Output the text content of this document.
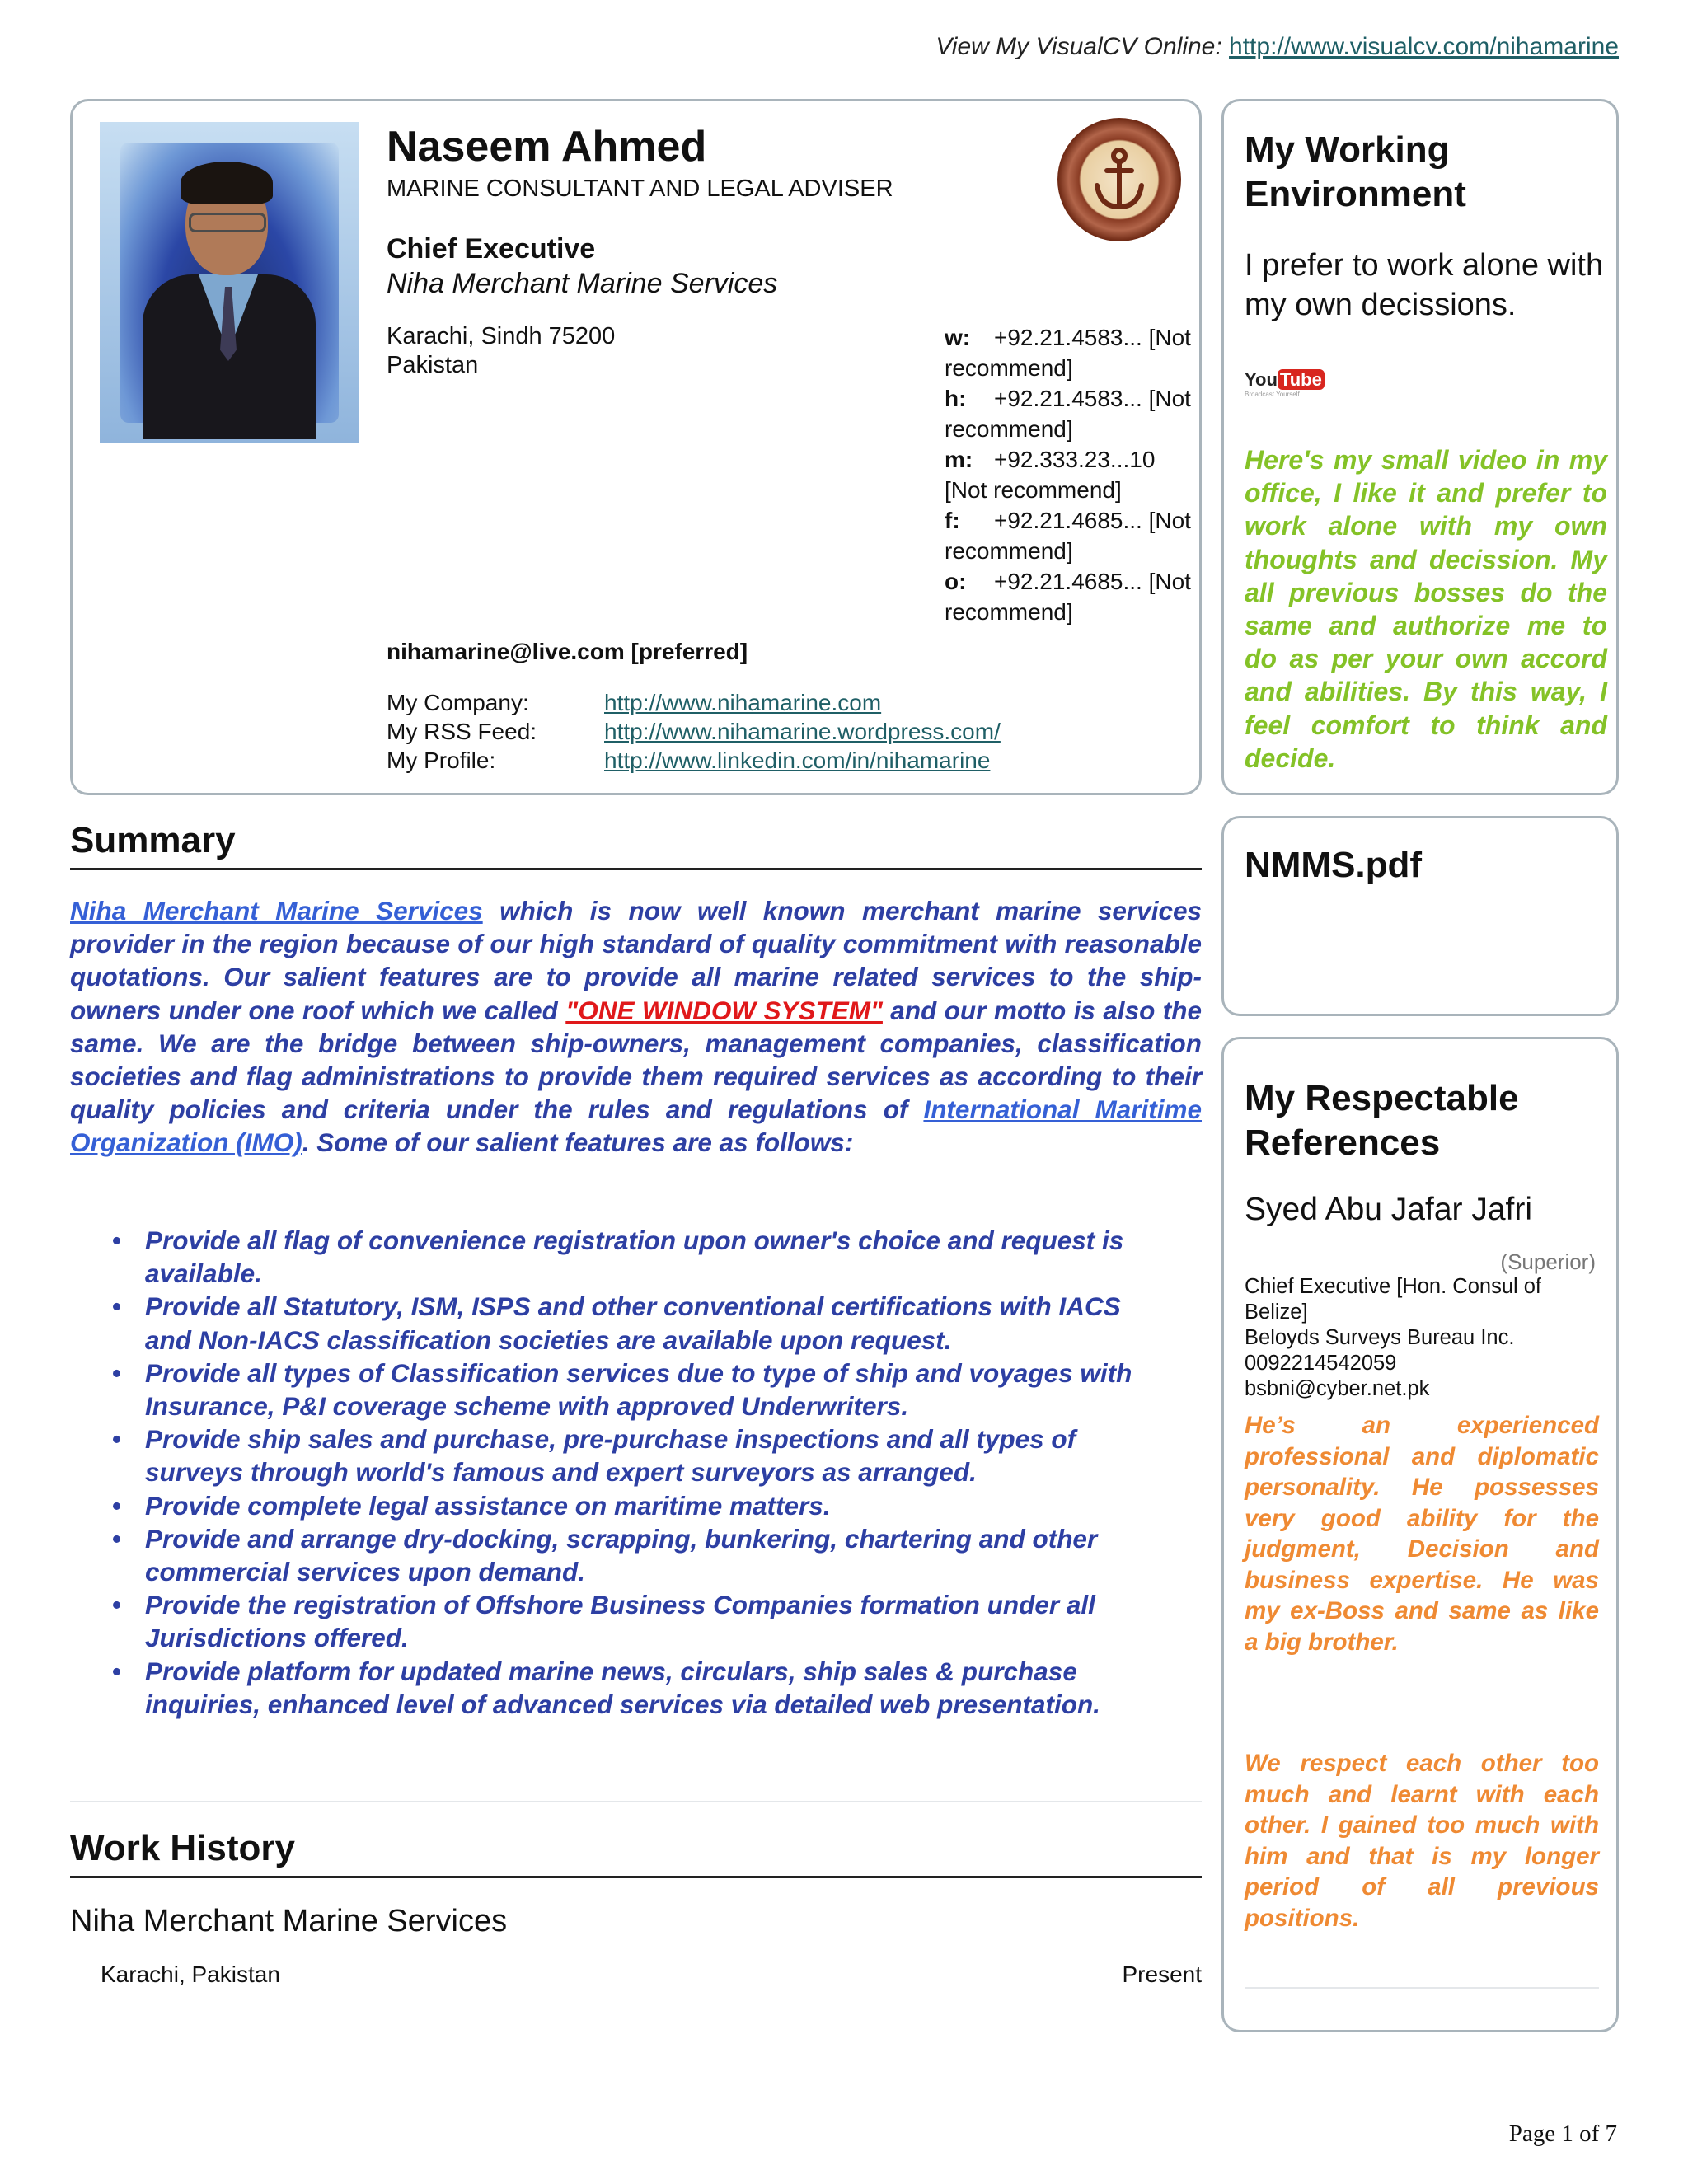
View My VisualCV Online: http://www.visualcv.com/nihamarine
Naseem Ahmed
MARINE CONSULTANT AND LEGAL ADVISER
Chief Executive
Niha Merchant Marine Services
Karachi, Sindh 75200
Pakistan
w: +92.21.4583... [Not recommend]
h: +92.21.4583... [Not recommend]
m: +92.333.23...10 [Not recommend]
f: +92.21.4685... [Not recommend]
o: +92.21.4685... [Not recommend]
nihamarine@live.com [preferred]
My Company:	http://www.nihamarine.com
My RSS Feed:	http://www.nihamarine.wordpress.com/
My Profile:	http://www.linkedin.com/in/nihamarine
My Working Environment
I prefer to work alone with my own decissions.
You Tube
Broadcast Yourself
Here's my small video in my office, I like it and prefer to work alone with my own thoughts and decission. My all previous bosses do the same and authorize me to do as per your own accord and abilities. By this way, I feel comfort to think and decide.
NMMS.pdf
My Respectable References
Syed Abu Jafar Jafri
(Superior)
Chief Executive [Hon. Consul of Belize]
Beloyds Surveys Bureau Inc.
0092214542059
bsbni@cyber.net.pk
He’s an experienced professional and diplomatic personality. He possesses very good ability for the judgment, Decision and business expertise. He was my ex-Boss and same as like a big brother.
We respect each other too much and learnt with each other. I gained too much with him and that is my longer period of all previous positions.
Summary
Niha Merchant Marine Services which is now well known merchant marine services provider in the region because of our high standard of quality commitment with reasonable quotations. Our salient features are to provide all marine related services to the ship-owners under one roof which we called "ONE WINDOW SYSTEM" and our motto is also the same. We are the bridge between ship-owners, management companies, classification societies and flag administrations to provide them required services as according to their quality policies and criteria under the rules and regulations of International Maritime Organization (IMO). Some of our salient features are as follows:
• Provide all flag of convenience registration upon owner's choice and request is available.
• Provide all Statutory, ISM, ISPS and other conventional certifications with IACS and Non-IACS classification societies are available upon request.
• Provide all types of Classification services due to type of ship and voyages with Insurance, P&I coverage scheme with approved Underwriters.
• Provide ship sales and purchase, pre-purchase inspections and all types of surveys through world's famous and expert surveyors as arranged.
• Provide complete legal assistance on maritime matters.
• Provide and arrange dry-docking, scrapping, bunkering, chartering and other commercial services upon demand.
• Provide the registration of Offshore Business Companies formation under all Jurisdictions offered.
• Provide platform for updated marine news, circulars, ship sales & purchase inquiries, enhanced level of advanced services via detailed web presentation.
Work History
Niha Merchant Marine Services
Karachi, Pakistan	Present
Page 1 of 7
